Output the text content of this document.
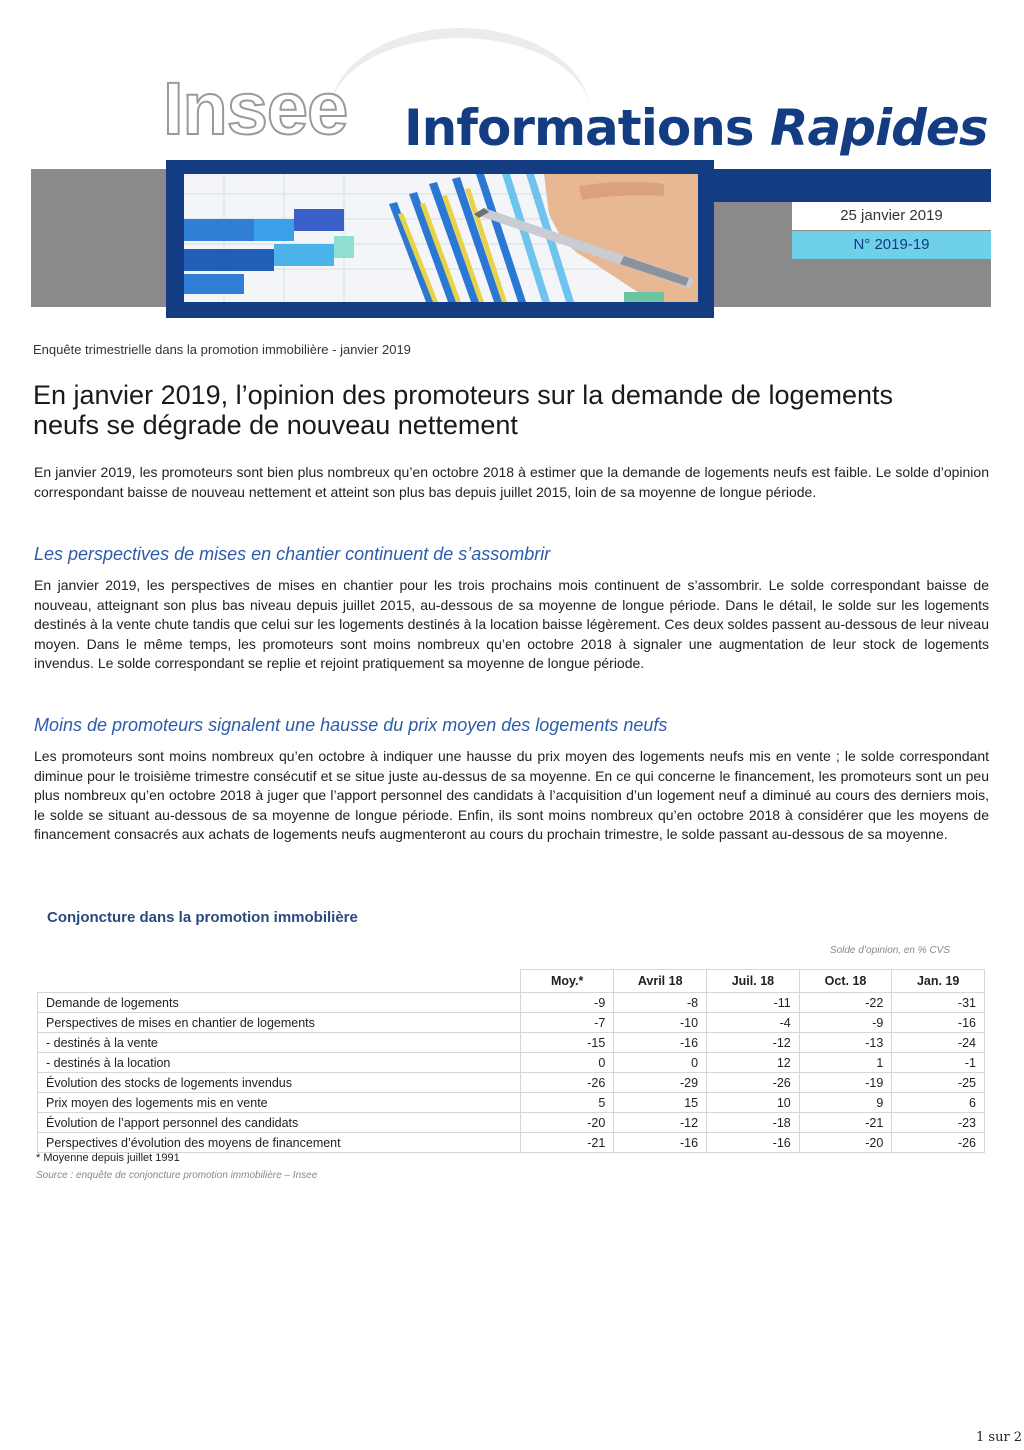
Insee Informations Rapides
25 janvier 2019
N° 2019-19
Enquête trimestrielle dans la promotion immobilière - janvier 2019
En janvier 2019, l’opinion des promoteurs sur la demande de logements neufs se dégrade de nouveau nettement

En janvier 2019, les promoteurs sont bien plus nombreux qu’en octobre 2018 à estimer que la demande de logements neufs est faible. Le solde d’opinion correspondant baisse de nouveau nettement et atteint son plus bas depuis juillet 2015, loin de sa moyenne de longue période.

Les perspectives de mises en chantier continuent de s’assombrir

En janvier 2019, les perspectives de mises en chantier pour les trois prochains mois continuent de s’assombrir. Le solde correspondant baisse de nouveau, atteignant son plus bas niveau depuis juillet 2015, au-dessous de sa moyenne de longue période. Dans le détail, le solde sur les logements destinés à la vente chute tandis que celui sur les logements destinés à la location baisse légèrement. Ces deux soldes passent au-dessous de leur niveau moyen. Dans le même temps, les promoteurs sont moins nombreux qu’en octobre 2018 à signaler une augmentation de leur stock de logements invendus. Le solde correspondant se replie et rejoint pratiquement sa moyenne de longue période.

Moins de promoteurs signalent une hausse du prix moyen des logements neufs

Les promoteurs sont moins nombreux qu’en octobre à indiquer une hausse du prix moyen des logements neufs mis en vente ; le solde correspondant diminue pour le troisième trimestre consécutif et se situe juste au-dessus de sa moyenne. En ce qui concerne le financement, les promoteurs sont un peu plus nombreux qu’en octobre 2018 à juger que l’apport personnel des candidats à l’acquisition d’un logement neuf a diminué au cours des derniers mois, le solde se situant au-dessous de sa moyenne de longue période. Enfin, ils sont moins nombreux qu’en octobre 2018 à considérer que les moyens de financement consacrés aux achats de logements neufs augmenteront au cours du prochain trimestre, le solde passant au-dessous de sa moyenne.

Conjoncture dans la promotion immobilière
Solde d’opinion, en % CVS
	Moy.*	Avril 18	Juil. 18	Oct. 18	Jan. 19
Demande de logements	-9	-8	-11	-22	-31
Perspectives de mises en chantier de logements	-7	-10	-4	-9	-16
- destinés à la vente	-15	-16	-12	-13	-24
- destinés à la location	0	0	12	1	-1
Évolution des stocks de logements invendus	-26	-29	-26	-19	-25
Prix moyen des logements mis en vente	5	15	10	9	6
Évolution de l’apport personnel des candidats	-20	-12	-18	-21	-23
Perspectives d’évolution des moyens de financement	-21	-16	-16	-20	-26
* Moyenne depuis juillet 1991
Source : enquête de conjoncture promotion immobilière – Insee
1 sur 2
